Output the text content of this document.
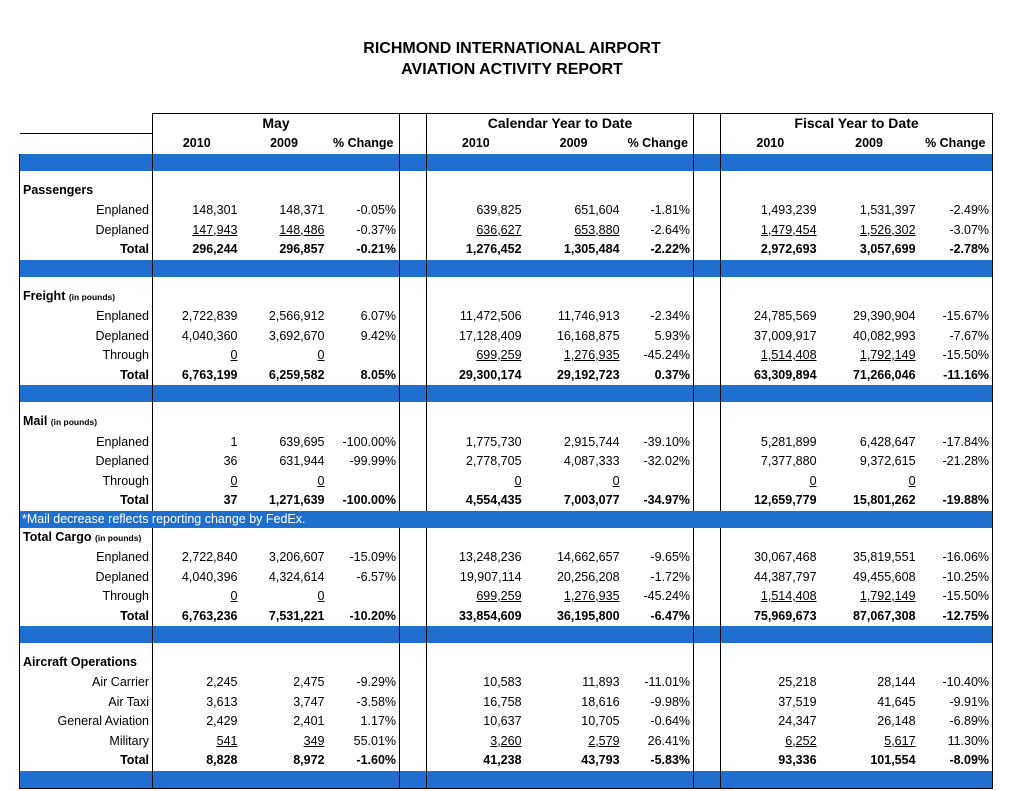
RICHMOND INTERNATIONAL AIRPORT
AVIATION ACTIVITY REPORT
	May				Calendar Year to Date				Fiscal Year to Date		
	2010	2009	% Change		2010	2009	% Change		2010	2009	% Change

Passengers											
Enplaned	148,301	148,371	-0.05%		639,825	651,604	-1.81%		1,493,239	1,531,397	-2.49%
Deplaned	147,943	148,486	-0.37%		636,627	653,880	-2.64%		1,479,454	1,526,302	-3.07%
Total	296,244	296,857	-0.21%		1,276,452	1,305,484	-2.22%		2,972,693	3,057,699	-2.78%

Freight (in pounds)											
Enplaned	2,722,839	2,566,912	6.07%		11,472,506	11,746,913	-2.34%		24,785,569	29,390,904	-15.67%
Deplaned	4,040,360	3,692,670	9.42%		17,128,409	16,168,875	5.93%		37,009,917	40,082,993	-7.67%
Through	0	0			699,259	1,276,935	-45.24%		1,514,408	1,792,149	-15.50%
Total	6,763,199	6,259,582	8.05%		29,300,174	29,192,723	0.37%		63,309,894	71,266,046	-11.16%

Mail (in pounds)											
Enplaned	1	639,695	-100.00%		1,775,730	2,915,744	-39.10%		5,281,899	6,428,647	-17.84%
Deplaned	36	631,944	-99.99%		2,778,705	4,087,333	-32.02%		7,377,880	9,372,615	-21.28%
Through	0	0			0	0			0	0	
Total	37	1,271,639	-100.00%		4,554,435	7,003,077	-34.97%		12,659,779	15,801,262	-19.88%
*Mail decrease reflects reporting change by FedEx.											
Total Cargo (in pounds)											
Enplaned	2,722,840	3,206,607	-15.09%		13,248,236	14,662,657	-9.65%		30,067,468	35,819,551	-16.06%
Deplaned	4,040,396	4,324,614	-6.57%		19,907,114	20,256,208	-1.72%		44,387,797	49,455,608	-10.25%
Through	0	0			699,259	1,276,935	-45.24%		1,514,408	1,792,149	-15.50%
Total	6,763,236	7,531,221	-10.20%		33,854,609	36,195,800	-6.47%		75,969,673	87,067,308	-12.75%

Aircraft Operations											
Air Carrier	2,245	2,475	-9.29%		10,583	11,893	-11.01%		25,218	28,144	-10.40%
Air Taxi	3,613	3,747	-3.58%		16,758	18,616	-9.98%		37,519	41,645	-9.91%
General Aviation	2,429	2,401	1.17%		10,637	10,705	-0.64%		24,347	26,148	-6.89%
Military	541	349	55.01%		3,260	2,579	26.41%		6,252	5,617	11.30%
Total	8,828	8,972	-1.60%		41,238	43,793	-5.83%		93,336	101,554	-8.09%
